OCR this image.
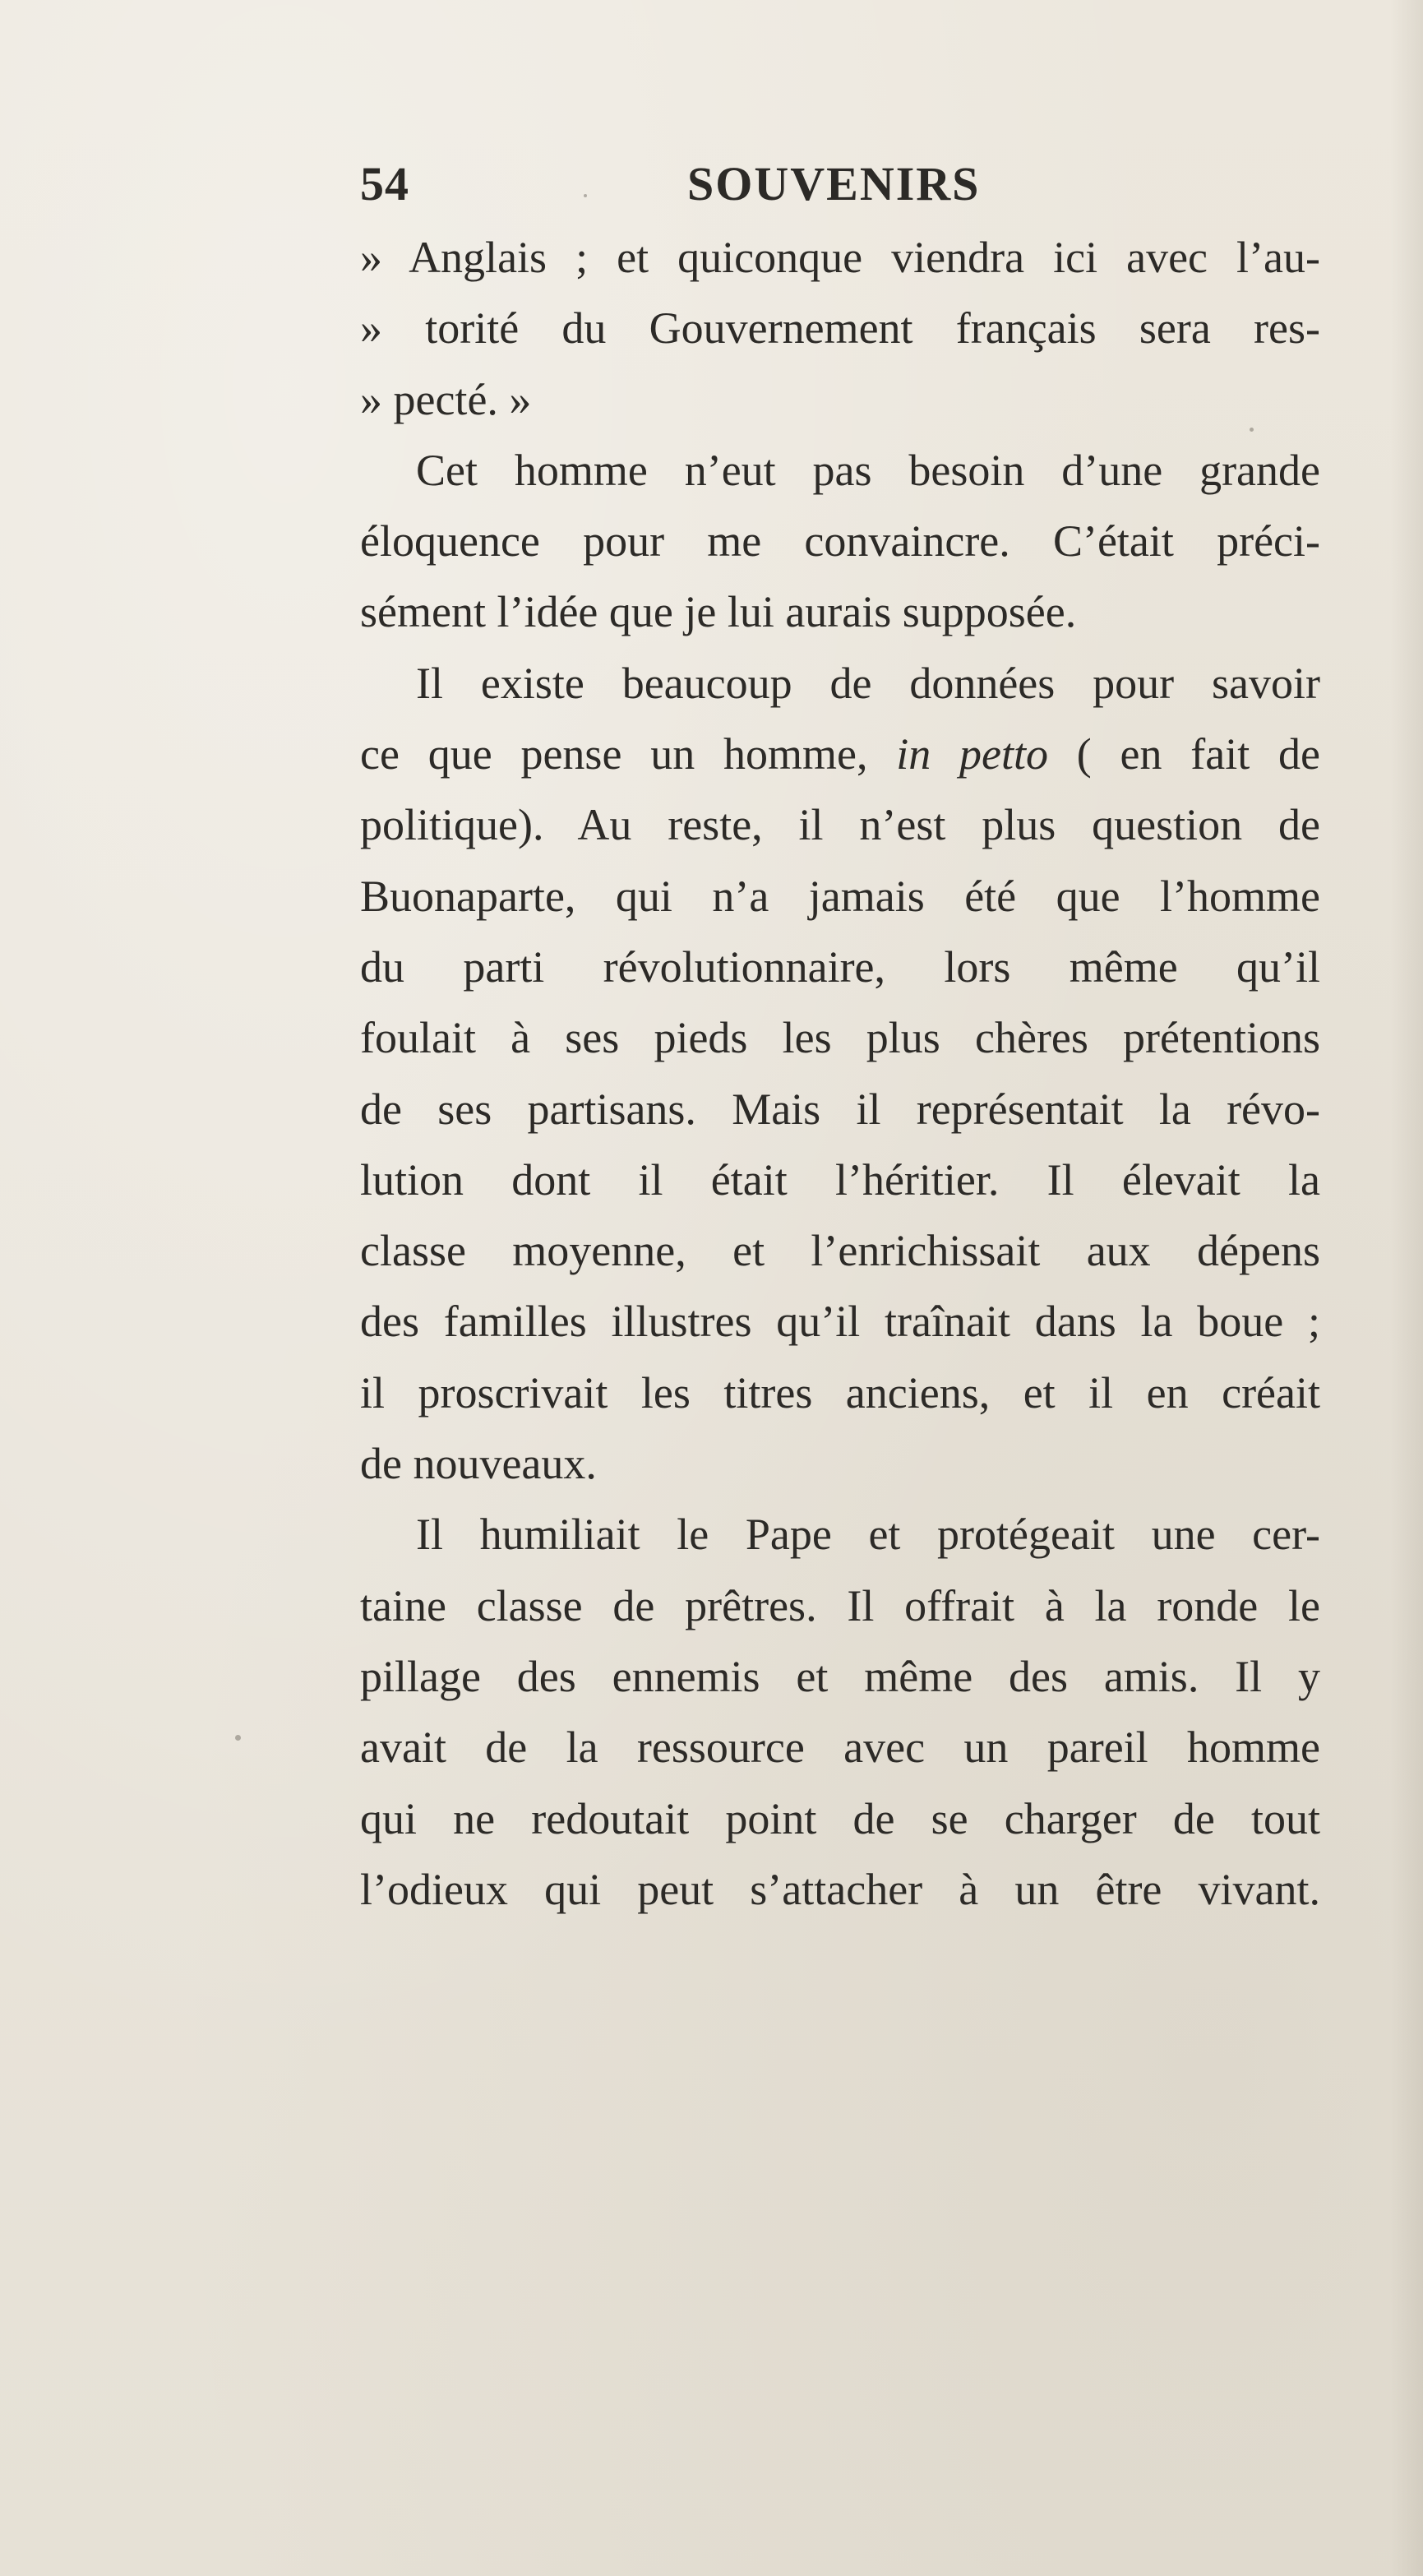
54	SOUVENIRS
» Anglais ; et quiconque viendra ici avec l’au-
» torité du Gouvernement français sera res-
» pecté. »
Cet homme n’eut pas besoin d’une grande
éloquence pour me convaincre. C’était préci-
sément l’idée que je lui aurais supposée.
Il existe beaucoup de données pour savoir
ce que pense un homme, in petto ( en fait de
politique). Au reste, il n’est plus question de
Buonaparte, qui n’a jamais été que l’homme
du parti révolutionnaire, lors même qu’il
foulait à ses pieds les plus chères prétentions
de ses partisans. Mais il représentait la révo-
lution dont il était l’héritier. Il élevait la
classe moyenne, et l’enrichissait aux dépens
des familles illustres qu’il traînait dans la boue ;
il proscrivait les titres anciens, et il en créait
de nouveaux.
Il humiliait le Pape et protégeait une cer-
taine classe de prêtres. Il offrait à la ronde le
pillage des ennemis et même des amis. Il y
avait de la ressource avec un pareil homme
qui ne redoutait point de se charger de tout
l’odieux qui peut s’attacher à un être vivant.
